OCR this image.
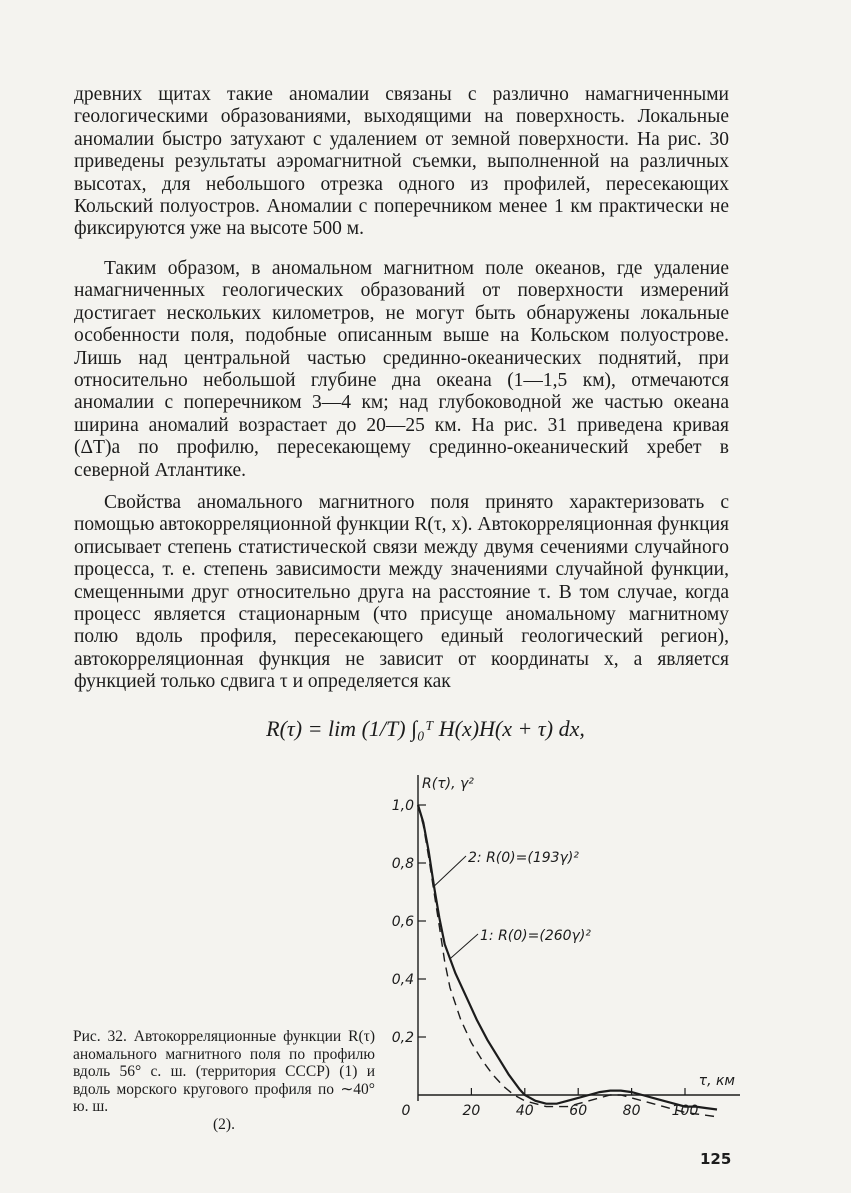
древних щитах такие аномалии связаны с различно намагниченными геологическими образованиями, выходящими на поверхность. Локальные аномалии быстро затухают с удалением от земной поверхности. На рис. 30 приведены результаты аэромагнитной съемки, выполненной на различных высотах, для небольшого отрезка одного из профилей, пересекающих Кольский полуостров. Аномалии с поперечником менее 1 км практически не фиксируются уже на высоте 500 м.

Таким образом, в аномальном магнитном поле океанов, где удаление намагниченных геологических образований от поверхности измерений достигает нескольких километров, не могут быть обнаружены локальные особенности поля, подобные описанным выше на Кольском полуострове. Лишь над центральной частью срединно-океанических поднятий, при относительно небольшой глубине дна океана (1—1,5 км), отмечаются аномалии с поперечником 3—4 км; над глубоководной же частью океана ширина аномалий возрастает до 20—25 км. На рис. 31 приведена кривая (ΔT)а по профилю, пересекающему срединно-океанический хребет в северной Атлантике.

Свойства аномального магнитного поля принято характеризовать с помощью автокорреляционной функции R(τ, x). Автокорреляционная функция описывает степень статистической связи между двумя сечениями случайного процесса, т. е. степень зависимости между значениями случайной функции, смещенными друг относительно друга на расстояние τ. В том случае, когда процесс является стационарным (что присуще аномальному магнитному полю вдоль профиля, пересекающего единый геологический регион), автокорреляционная функция не зависит от координаты x, а является функцией только сдвига τ и определяется как

R(τ) = lim (1/T) ∫₀ᵀ H(x)H(x + τ) dx,
0,2
0,4
0,6
0,8
1,0
0	20	40	60	80 100
R(τ), γ²
τ, км
2: R(0)=(193γ)²
1: R(0)=(260γ)²
Рис. 32. Автокорреляционные функции R(τ) аномального магнитного поля по профилю вдоль 56° с. ш. (территория СССР) (1) и вдоль морского кругового профиля по ∼40° ю. ш.
(2).
125
